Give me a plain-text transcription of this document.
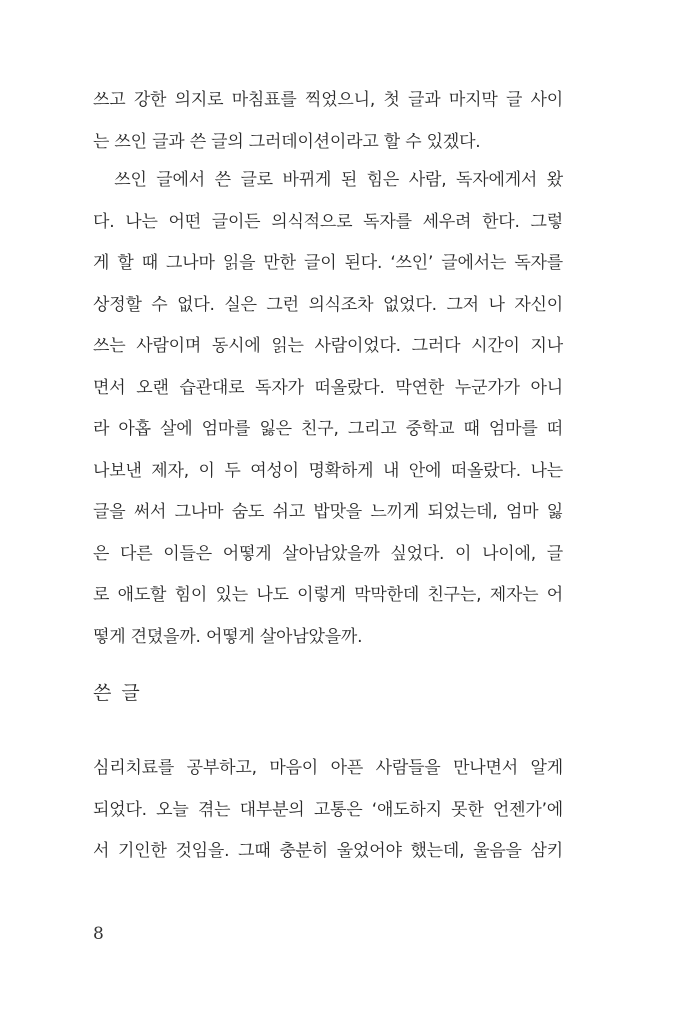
쓰고 강한 의지로 마침표를 찍었으니, 첫 글과 마지막 글 사이
는 쓰인 글과 쓴 글의 그러데이션이라고 할 수 있겠다.
　쓰인 글에서 쓴 글로 바뀌게 된 힘은 사람, 독자에게서 왔
다. 나는 어떤 글이든 의식적으로 독자를 세우려 한다. 그렇
게 할 때 그나마 읽을 만한 글이 된다. ‘쓰인’ 글에서는 독자를
상정할 수 없다. 실은 그런 의식조차 없었다. 그저 나 자신이
쓰는 사람이며 동시에 읽는 사람이었다. 그러다 시간이 지나
면서 오랜 습관대로 독자가 떠올랐다. 막연한 누군가가 아니
라 아홉 살에 엄마를 잃은 친구, 그리고 중학교 때 엄마를 떠
나보낸 제자, 이 두 여성이 명확하게 내 안에 떠올랐다. 나는
글을 써서 그나마 숨도 쉬고 밥맛을 느끼게 되었는데, 엄마 잃
은 다른 이들은 어떻게 살아남았을까 싶었다. 이 나이에, 글
로 애도할 힘이 있는 나도 이렇게 막막한데 친구는, 제자는 어
떻게 견뎠을까. 어떻게 살아남았을까.
쓴 글
심리치료를 공부하고, 마음이 아픈 사람들을 만나면서 알게
되었다. 오늘 겪는 대부분의 고통은 ‘애도하지 못한 언젠가’에
서 기인한 것임을. 그때 충분히 울었어야 했는데, 울음을 삼키
8
